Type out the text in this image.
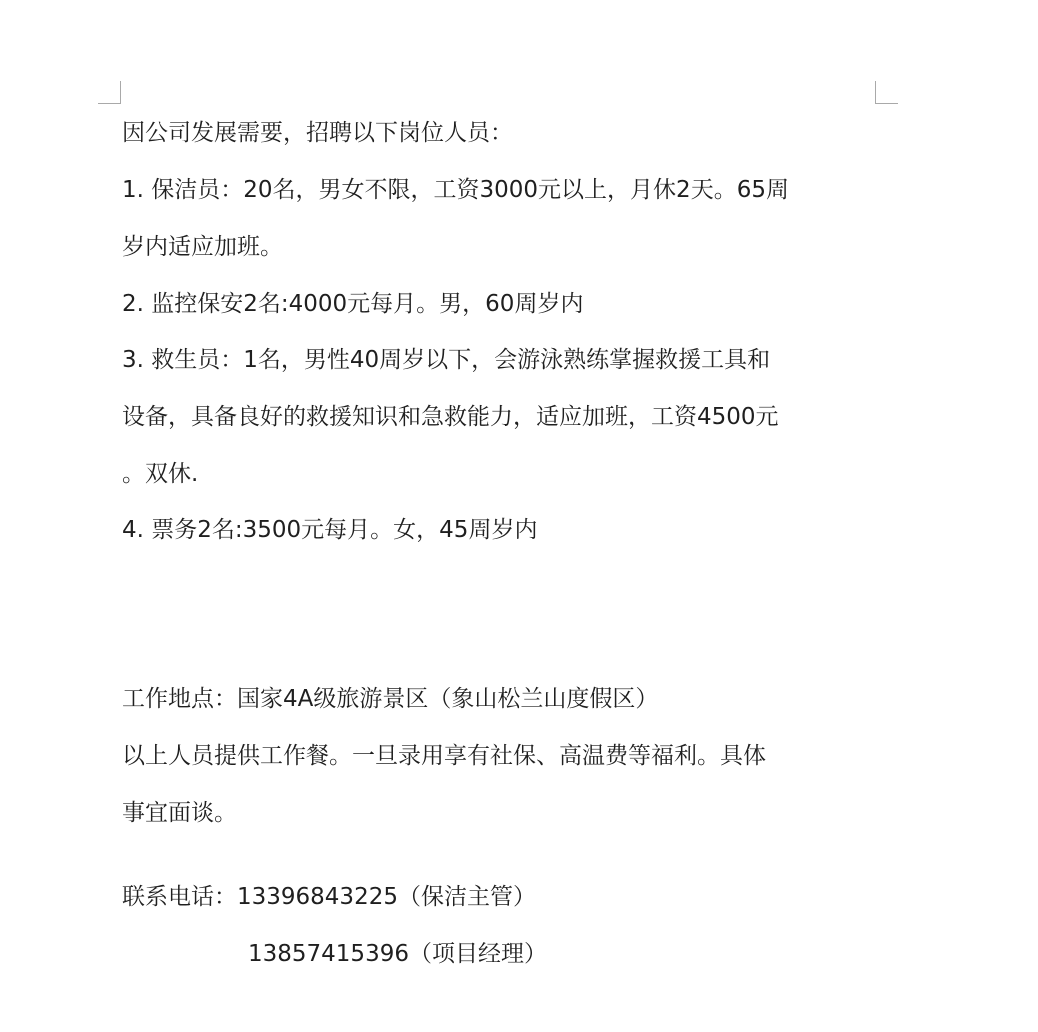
因公司发展需要，招聘以下岗位人员：
1. 保洁员：20名，男女不限，工资3000元以上，月休2天。65周
岁内适应加班。
2. 监控保安2名:4000元每月。男，60周岁内
3. 救生员：1名，男性40周岁以下，会游泳熟练掌握救援工具和
设备，具备良好的救援知识和急救能力，适应加班，工资4500元
。双休.
4. 票务2名:3500元每月。女，45周岁内
工作地点：国家4A级旅游景区（象山松兰山度假区）
以上人员提供工作餐。一旦录用享有社保、高温费等福利。具体
事宜面谈。
联系电话：13396843225（保洁主管）
13857415396（项目经理）
